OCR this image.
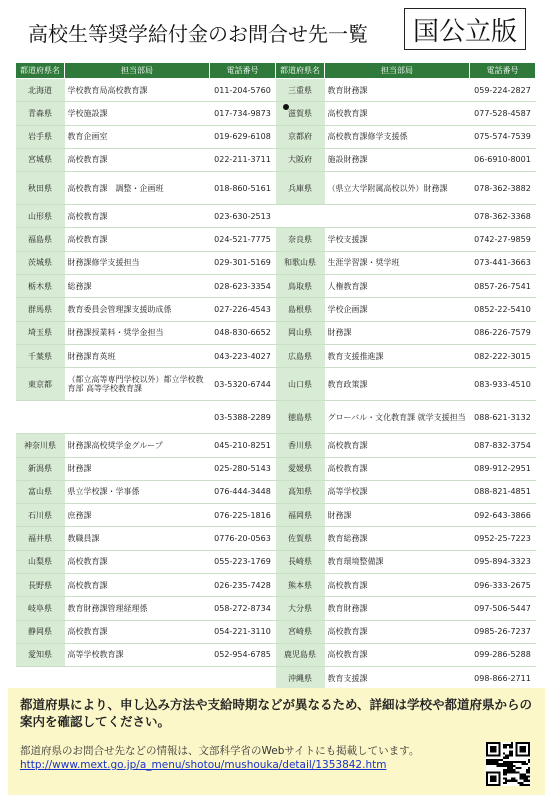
高校生等奨学給付金のお問合せ先一覧	国公立版
都道府県名	担当部局	電話番号	都道府県名	担当部局	電話番号
北海道	学校教育局高校教育課	011-204-5760	三重県	教育財務課	059-224-2827
青森県	学校施設課	017-734-9873	滋賀県	高校教育課	077-528-4587
岩手県	教育企画室	019-629-6108	京都府	高校教育課修学支援係	075-574-7539
宮城県	高校教育課	022-211-3711	大阪府	施設財務課	06-6910-8001
秋田県	高校教育課　調整・企画班	018-860-5161	兵庫県	（県立大学附属高校以外）財務課	078-362-3882
山形県	高校教育課	023-630-2513			078-362-3368
福島県	高校教育課	024-521-7775	奈良県	学校支援課	0742-27-9859
茨城県	財務課修学支援担当	029-301-5169	和歌山県	生涯学習課・奨学班	073-441-3663
栃木県	総務課	028-623-3354	鳥取県	人権教育課	0857-26-7541
群馬県	教育委員会管理課支援助成係	027-226-4543	島根県	学校企画課	0852-22-5410
埼玉県	財務課授業料・奨学金担当	048-830-6652	岡山県	財務課	086-226-7579
千葉県	財務課育英班	043-223-4027	広島県	教育支援推進課	082-222-3015
東京都	（都立高等専門学校以外）都立学校教育部 高等学校教育課	03-5320-6744	山口県	教育政策課	083-933-4510
		03-5388-2289	徳島県	グローバル・文化教育課 就学支援担当	088-621-3132
神奈川県	財務課高校奨学金グループ	045-210-8251	香川県	高校教育課	087-832-3754
新潟県	財務課	025-280-5143	愛媛県	高校教育課	089-912-2951
富山県	県立学校課・学事係	076-444-3448	高知県	高等学校課	088-821-4851
石川県	庶務課	076-225-1816	福岡県	財務課	092-643-3866
福井県	教職員課	0776-20-0563	佐賀県	教育総務課	0952-25-7223
山梨県	高校教育課	055-223-1769	長崎県	教育環境整備課	095-894-3323
長野県	高校教育課	026-235-7428	熊本県	高校教育課	096-333-2675
岐阜県	教育財務課管理経理係	058-272-8734	大分県	教育財務課	097-506-5447
静岡県	高校教育課	054-221-3110	宮崎県	高校教育課	0985-26-7237
愛知県	高等学校教育課	052-954-6785	鹿児島県	高校教育課	099-286-5288
			沖縄県	教育支援課	098-866-2711
都道府県により、申し込み方法や支給時期などが異なるため、詳細は学校や都道府県からの案内を確認してください。
都道府県のお問合せ先などの情報は、文部科学省のWebサイトにも掲載しています。
http://www.mext.go.jp/a_menu/shotou/mushouka/detail/1353842.htm
